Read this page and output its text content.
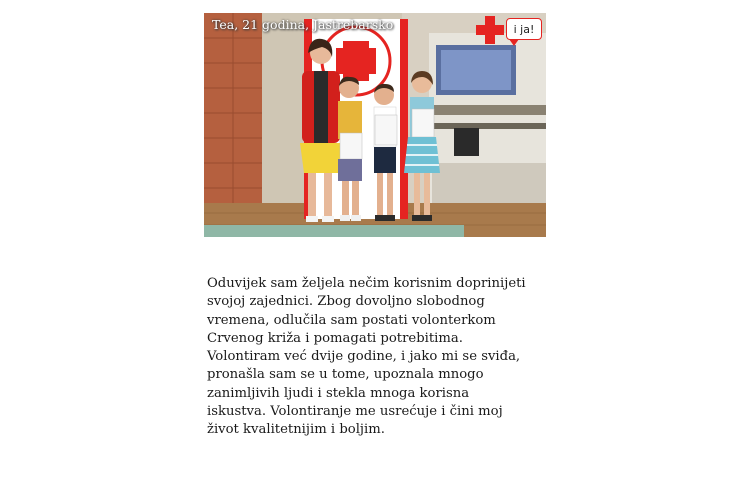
Tea, 21 godina, Jastrebarsko	i ja!

Oduvijek sam željela nečim korisnim doprinijeti
svojoj zajednici. Zbog dovoljno slobodnog
vremena, odlučila sam postati volonterkom
Crvenog križa i pomagati potrebitima.
Volontiram već dvije godine, i jako mi se sviđa,
pronašla sam se u tome, upoznala mnogo
zanimljivih ljudi i stekla mnoga korisna
iskustva. Volontiranje me usrećuje i čini moj
život kvalitetnijim i boljim.
